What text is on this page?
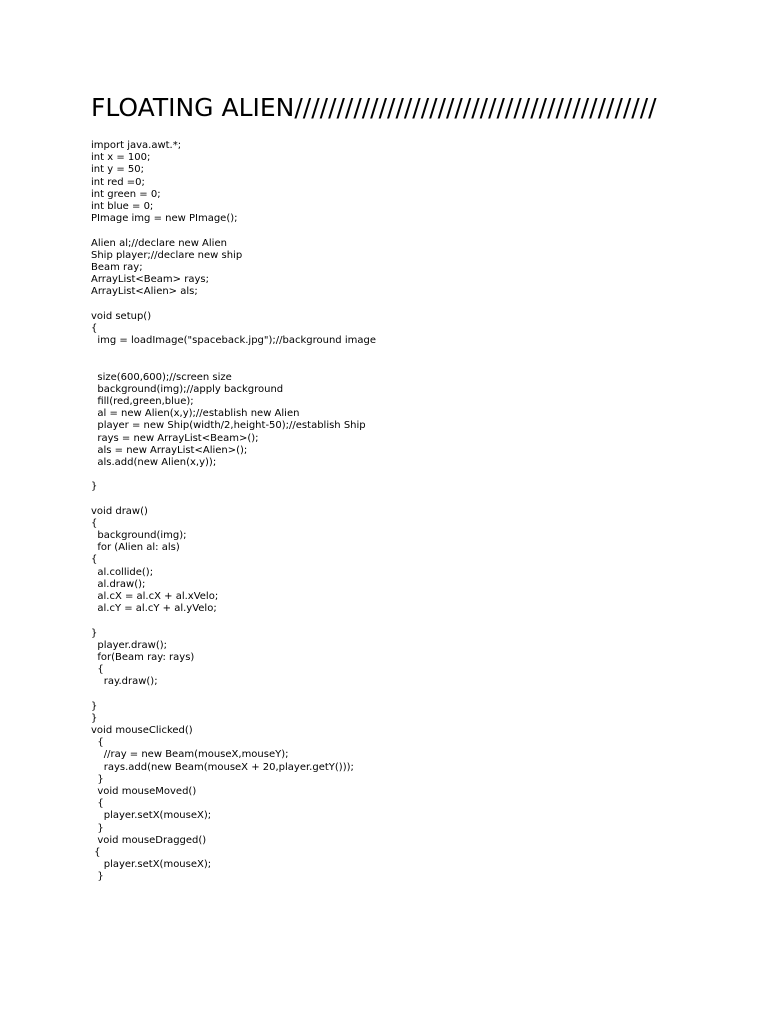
FLOATING ALIEN///////////////////////////////////////////
import java.awt.*;
int x = 100;
int y = 50;
int red =0;
int green = 0;
int blue = 0;
PImage img = new PImage();
Alien al;//declare new Alien
Ship player;//declare new ship
Beam ray;
ArrayList<Beam> rays;
ArrayList<Alien> als;
void setup()
{
img = loadImage("spaceback.jpg");//background image
size(600,600);//screen size
background(img);//apply background
fill(red,green,blue);
al = new Alien(x,y);//establish new Alien
player = new Ship(width/2,height-50);//establish Ship
rays = new ArrayList<Beam>();
als = new ArrayList<Alien>();
als.add(new Alien(x,y));
}
void draw()
{
background(img);
for (Alien al: als)
{
al.collide();
al.draw();
al.cX = al.cX + al.xVelo;
al.cY = al.cY + al.yVelo;
}
player.draw();
for(Beam ray: rays)
{
ray.draw();
}
}
void mouseClicked()
{
//ray = new Beam(mouseX,mouseY);
rays.add(new Beam(mouseX + 20,player.getY()));
}
void mouseMoved()
{
player.setX(mouseX);
}
void mouseDragged()
{
player.setX(mouseX);
}
